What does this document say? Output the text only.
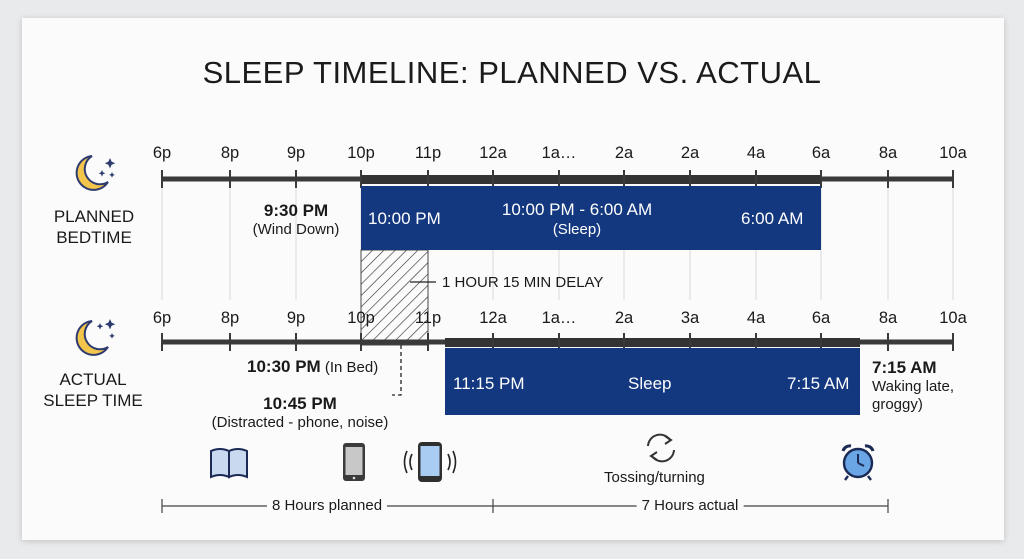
SLEEP TIMELINE: PLANNED VS. ACTUAL
PLANNED
BEDTIME
ACTUAL
SLEEP TIME
6p	8p	9p	10p 11p 12a 1a… 2a	2a	4a	6a	8a	10a
6p	8p	9p	10p 11p 12a 1a… 2a	3a	4a	6a	8a	10a
9:30 PM
(Wind Down)
10:00 PM	10:00 PM - 6:00 AM
(Sleep)
6:00 AM
1 HOUR 15 MIN DELAY
10:30 PM (In Bed)
10:45 PM
(Distracted - phone, noise)
11:15 PM	Sleep	7:15 AM
7:15 AM
Waking late,
groggy)
Tossing/turning
8 Hours planned	7 Hours actual
